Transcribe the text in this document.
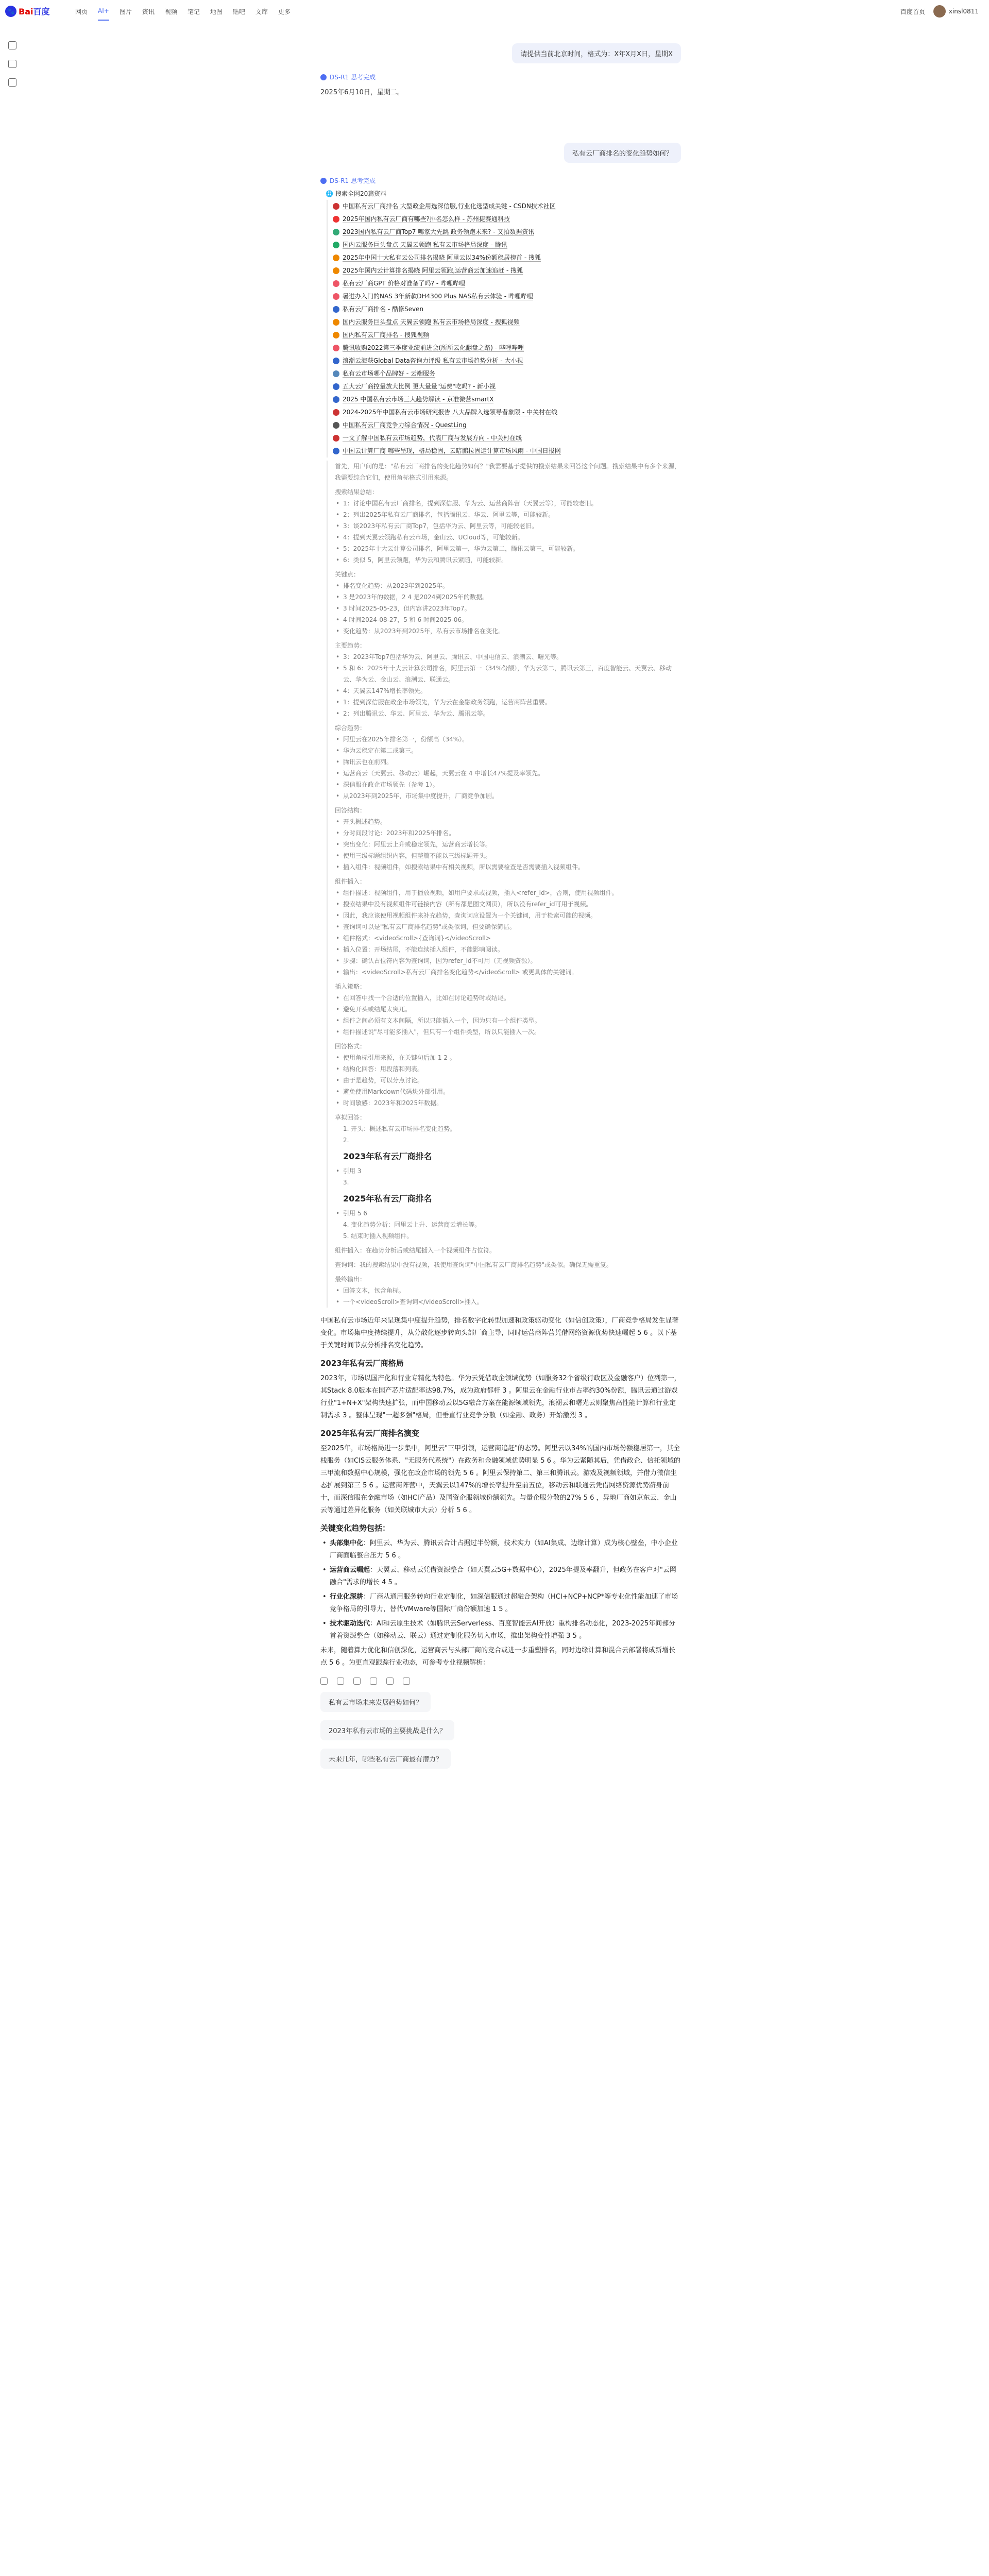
🐾 Bai百度	网页 AI+ 图片 资讯 视频 笔记 地图 贴吧 文库 更多	百度首页	xinsl0811
请提供当前北京时间，格式为：X年X月X日，星期X
DS-R1 思考完成
2025年6月10日，星期二。
私有云厂商排名的变化趋势如何？
DS-R1 思考完成
🌐 搜索全网20篇资料
中国私有云厂商排名 大型政企用选深信服,行业化选型成关键 - CSDN技术社区
2025年国内私有云厂商有哪些?排名怎么样 - 苏州捷赛通科技
2023国内私有云厂商Top7 哪家大先跳 政务领跑未来? - 又拍数据资讯
国内云服务巨头盘点 天翼云领跑 私有云市场格局深度 - 腾讯
2025年中国十大私有云公司排名揭晓 阿里云以34%份额稳居榜首 - 搜狐
2025年国内云计算排名揭晓 阿里云领跑,运营商云加速追赶 - 搜狐
私有云厂商GPT 价格对准备了吗? - 哔哩哔哩
暑进办入门的NAS 3年新款DH4300 Plus NAS私有云体验 - 哔哩哔哩
私有云厂商排名 - 酷修Seven
国内云服务巨头盘点 天翼云领跑 私有云市场格局深度 - 搜狐视频
国内私有云厂商排名 - 搜狐视频
腾讯收购2022第三季度业绩前进会(所所云化翻盘之路) - 哔哩哔哩
浪潮云海获Global Data咨询力评级 私有云市场趋势分析 - 大小视
私有云市场哪个品牌好 - 云端服务
五大云厂商控量放大比例 更大量量"运费"吃吗? - 新小视
2025 中国私有云市场三大趋势解读 - 京准微营smartX
2024-2025年中国私有云市场研究报告 八大品牌入选领导者象限 - 中关村在线
中国私有云厂商竞争力综合情况 - QuestLing
一文了解中国私有云市场趋势，代表厂商与发展方向 - 中关村在线
中国云计算厂商 哪些呈现，格局稳固，云暗鹏拉固运计算市场风雨 - 中国日报网
首先，用户问的是："私有云厂商排名的变化趋势如何？"我需要基于提供的搜索结果来回答这个问题。搜索结果中有多个来源，我需要综合它们，使用角标格式引用来源。
搜索结果总结：
• 1：讨论中国私有云厂商排名，提到深信服、华为云、运营商阵营（天翼云等），可能较老旧。
• 2：列出2025年私有云厂商排名，包括腾讯云、华云、阿里云等，可能较新。
• 3：谈2023年私有云厂商Top7，包括华为云、阿里云等，可能较老旧。
• 4：提到天翼云领跑私有云市场，金山云、UCloud等，可能较新。
• 5：2025年十大云计算公司排名，阿里云第一，华为云第二，腾讯云第三，可能较新。
• 6：类似 5，阿里云领跑，华为云和腾讯云紧随，可能较新。
关键点：
• 排名变化趋势：从2023年到2025年。
• 3 是2023年的数据，2 4 是2024到2025年的数据。
• 3 时间2025-05-23，但内容讲2023年Top7。
• 4 时间2024-08-27，5 和 6 时间2025-06。
• 变化趋势：从2023年到2025年，私有云市场排名在变化。
主要趋势：
• 3：2023年Top7包括华为云、阿里云、腾讯云、中国电信云、浪潮云、曙光等。
• 5 和 6：2025年十大云计算公司排名，阿里云第一（34%份额），华为云第二，腾讯云第三，百度智能云、天翼云、移动云、华为云、金山云、浪潮云、联通云。
• 4：天翼云147%增长率领先。
• 1：提到深信服在政企市场领先，华为云在金融政务领跑，运营商阵营重要。
• 2：列出腾讯云、华云、阿里云、华为云、腾讯云等。
综合趋势：
• 阿里云在2025年排名第一，份额高（34%）。
• 华为云稳定在第二或第三。
• 腾讯云也在前列。
• 运营商云（天翼云、移动云）崛起，天翼云在 4 中增长47%提及率领先。
• 深信服在政企市场领先（参考 1）。
• 从2023年到2025年，市场集中度提升，厂商竞争加剧。
回答结构：
• 开头概述趋势。
• 分时间段讨论：2023年和2025年排名。
• 突出变化：阿里云上升或稳定领先，运营商云增长等。
• 使用三级标题组织内容，但整篇不能以三级标题开头。
• 插入组件：视频组件，如搜索结果中有相关视频，所以需要检查是否需要插入视频组件。
组件插入：
• 组件描述：视频组件，用于播放视频，如用户要求或视频，插入<refer_id>，否则，使用视频组件。
• 搜索结果中没有视频组件可链接内容（所有都是图文网页），所以没有refer_id可用于视频。
• 因此，我应该使用视频组件来补充趋势，查询词应设置为一个关键词，用于检索可能的视频。
• 查询词可以是"私有云厂商排名趋势"或类似词，但要确保简洁。
• 组件格式：<videoScroll>{查询词}</videoScroll>
• 插入位置：开场结尾，不能连续插入组件，不能影响阅读。
• 步骤：确认占位符内容为查询词，因为refer_id不可用（无视频资源）。
• 输出：<videoScroll>私有云厂商排名变化趋势</videoScroll> 或更具体的关键词。
插入策略：
• 在回答中找一个合适的位置插入，比如在讨论趋势时或结尾。
• 避免开头或结尾太突兀。
• 组件之间必须有文本间隔，所以只能插入一个，因为只有一个组件类型。
• 组件描述说"尽可能多插入"，但只有一个组件类型，所以只能插入一次。
回答格式：
• 使用角标引用来源，在关键句后加 1 2 。
• 结构化回答：用段落和列表。
• 由于是趋势，可以分点讨论。
• 避免使用Markdown代码块外部引用。
• 时间敏感：2023年和2025年数据。
草拟回答：
1. 开头：概述私有云市场排名变化趋势。
2.
2023年私有云厂商排名
• 引用 3
3.
2025年私有云厂商排名
• 引用 5 6
4. 变化趋势分析：阿里云上升、运营商云增长等。
5. 结束时插入视频组件。
组件插入：在趋势分析后或结尾插入一个视频组件占位符。
查询词：我的搜索结果中没有视频，我使用查询词"中国私有云厂商排名趋势"或类似。确保无需重复。
最终输出：
• 回答文本，包含角标。
• 一个<videoScroll>查询词</videoScroll>插入。

中国私有云市场近年来呈现集中度提升趋势，排名数字化转型加速和政策驱动变化（如信创政策），厂商竞争格局发生显著变化。市场集中度持续提升，从分散化逐步转向头部厂商主导，同时运营商阵营凭借网络资源优势快速崛起 5 6 。以下基于关键时间节点分析排名变化趋势。

2023年私有云厂商格局

2023年，市场以国产化和行业专精化为特色。华为云凭借政企领域优势（如服务32个省级行政区及金融客户）位列第一，其Stack 8.0版本在国产芯片适配率达98.7%，成为政府都杆 3 。阿里云在金融行业市占率约30%份额，腾讯云通过游戏行业"1+N+X"架构快速扩张，而中国移动云以5G融合方案在能源领域领先，浪潮云和曙光云则聚焦高性能计算和行业定制需求 3 。整体呈现"一超多强"格局，但垂直行业竞争分散（如金融、政务）开始激烈 3 。

2025年私有云厂商排名演变

至2025年，市场格局进一步集中，阿里云"三甲引领，运营商追赶"的态势。阿里云以34%的国内市场份额稳居第一，其全栈服务（如CIS云服务体系、"无服务代系统"）在政务和金融领域优势明显 5 6 。华为云紧随其后，凭借政企、信托领域的三甲流和数据中心规模，强化在政企市场的领先 5 6 。阿里云保持第二、第三和腾讯云。游戏及视频领域，并借力微信生态扩展到第三 5 6 。运营商阵营中，天翼云以147%的增长率提升至前五位，移动云和联通云凭借网络资源优势跻身前十，而深信服在金融市场（如HCI产品）及国资企服领域份额领先。与量企服分散的27% 5 6 ，异地厂商如京东云、金山云等通过差异化服务（如关联城市大云）分析 5 6 。

关键变化趋势包括：
• 头部集中化：阿里云、华为云、腾讯云合计占据过半份额，技术实力（如AI集成、边缘计算）成为核心壁垒，中小企业厂商面临整合压力 5 6 。
• 运营商云崛起：天翼云、移动云凭借资源整合（如天翼云5G+数据中心），2025年提及率翻升，但政务在客户对"云网融合"需求的增长 4 5 。
• 行业化深耕：厂商从通用服务转向行业定制化，如深信服通过超融合架构（HCI+NCP+NCP*等专业化性能加速了市场竞争格局的引导力，替代VMware等国际厂商份额加速 1 5 。
• 技术驱动迭代：AI和云原生技术（如腾讯云Serverless、百度智能云AI开放）重构排名动态化，2023-2025年间部分首着资源整合（如移动云、联云）通过定制化服务切入市场，推出架构变性增强 3 5 。

未来，随着算力优化和信创深化，运营商云与头部厂商的竞合或进一步重塑排名，同时边缘计算和混合云部署将成新增长点 5 6 。为更直观跟踪行业动态，可参考专业视频解析：

私有云市场未来发展趋势如何？
2023年私有云市场的主要挑战是什么？
未来几年，哪些私有云厂商最有潜力？
